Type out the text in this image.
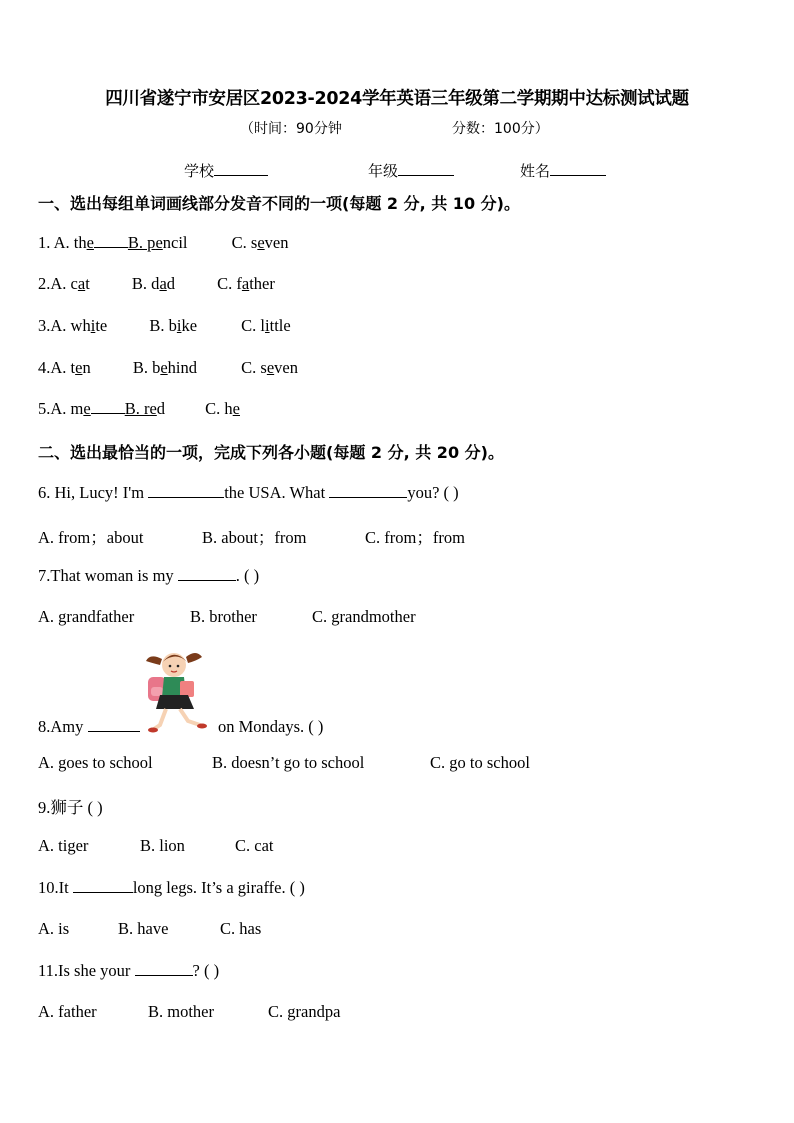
四川省遂宁市安居区2023-2024学年英语三年级第二学期期中达标测试试题
（时间：90分钟	分数：100分）
学校	年级	姓名
一、选出每组单词画线部分发音不同的一项(每题 2 分, 共 10 分)。
1. A. the B. pencil	C. seven
2.A. cat	B. dad	C. father
3.A. white	B. bike	C. little
4.A. ten	B. behind	C. seven
5.A. me B. red C. he
二、选出最恰当的一项，完成下列各小题(每题 2 分, 共 20 分)。
6. Hi, Lucy! I'm	the USA. What	you? ( )
A. from；about	B. about；from	C. from；from
7.That woman is my	. ( )
A. grandfather	B. brother	C. grandmother
8.Amy	on Mondays. ( )
A. goes to school	B. doesn’t go to school	C. go to school
9.狮子 ( )
A. tiger	B. lion	C. cat
10.It	long legs. It’s a giraffe. ( )
A. is	B. have	C. has
11.Is she your	? ( )
A. father	B. mother	C. grandpa
